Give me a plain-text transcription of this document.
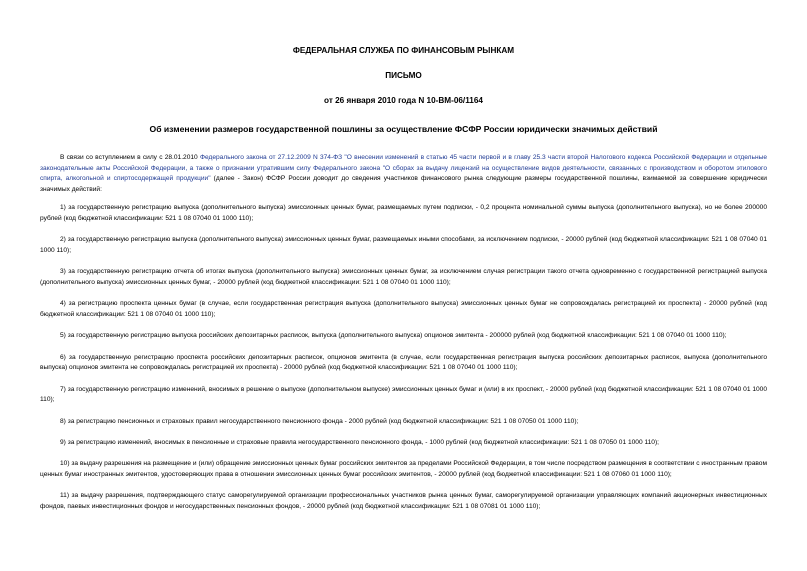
ФЕДЕРАЛЬНАЯ СЛУЖБА ПО ФИНАНСОВЫМ РЫНКАМ
ПИСЬМО
от 26 января 2010 года N 10-ВМ-06/1164
Об изменении размеров государственной пошлины за осуществление ФСФР России юридически значимых действий

В связи со вступлением в силу с 28.01.2010 Федерального закона от 27.12.2009 N 374-ФЗ "О внесении изменений в статью 45 части первой и в главу 25.3 части второй Налогового кодекса Российской Федерации и отдельные законодательные акты Российской Федерации, а также о признании утратившим силу Федерального закона "О сборах за выдачу лицензий на осуществление видов деятельности, связанных с производством и оборотом этилового спирта, алкогольной и спиртосодержащей продукции" (далее - Закон) ФСФР России доводит до сведения участников финансового рынка следующие размеры государственной пошлины, взимаемой за совершение юридически значимых действий:

1) за государственную регистрацию выпуска (дополнительного выпуска) эмиссионных ценных бумаг, размещаемых путем подписки, - 0,2 процента номинальной суммы выпуска (дополнительного выпуска), но не более 200000 рублей (код бюджетной классификации: 521 1 08 07040 01 1000 110);

2) за государственную регистрацию выпуска (дополнительного выпуска) эмиссионных ценных бумаг, размещаемых иными способами, за исключением подписки, - 20000 рублей (код бюджетной классификации: 521 1 08 07040 01 1000 110);

3) за государственную регистрацию отчета об итогах выпуска (дополнительного выпуска) эмиссионных ценных бумаг, за исключением случая регистрации такого отчета одновременно с государственной регистрацией выпуска (дополнительного выпуска) эмиссионных ценных бумаг, - 20000 рублей (код бюджетной классификации: 521 1 08 07040 01 1000 110);

4) за регистрацию проспекта ценных бумаг (в случае, если государственная регистрация выпуска (дополнительного выпуска) эмиссионных ценных бумаг не сопровождалась регистрацией их проспекта) - 20000 рублей (код бюджетной классификации: 521 1 08 07040 01 1000 110);

5) за государственную регистрацию выпуска российских депозитарных расписок, выпуска (дополнительного выпуска) опционов эмитента - 200000 рублей (код бюджетной классификации: 521 1 08 07040 01 1000 110);

6) за государственную регистрацию проспекта российских депозитарных расписок, опционов эмитента (в случае, если государственная регистрация выпуска российских депозитарных расписок, выпуска (дополнительного выпуска) опционов эмитента не сопровождалась регистрацией их проспекта) - 20000 рублей (код бюджетной классификации: 521 1 08 07040 01 1000 110);

7) за государственную регистрацию изменений, вносимых в решение о выпуске (дополнительном выпуске) эмиссионных ценных бумаг и (или) в их проспект, - 20000 рублей (код бюджетной классификации: 521 1 08 07040 01 1000 110);

8) за регистрацию пенсионных и страховых правил негосударственного пенсионного фонда - 2000 рублей (код бюджетной классификации: 521 1 08 07050 01 1000 110);

9) за регистрацию изменений, вносимых в пенсионные и страховые правила негосударственного пенсионного фонда, - 1000 рублей (код бюджетной классификации: 521 1 08 07050 01 1000 110);

10) за выдачу разрешения на размещение и (или) обращение эмиссионных ценных бумаг российских эмитентов за пределами Российской Федерации, в том числе посредством размещения в соответствии с иностранным правом ценных бумаг иностранных эмитентов, удостоверяющих права в отношении эмиссионных ценных бумаг российских эмитентов, - 20000 рублей (код бюджетной классификации: 521 1 08 07060 01 1000 110);

11) за выдачу разрешения, подтверждающего статус саморегулируемой организации профессиональных участников рынка ценных бумаг, саморегулируемой организации управляющих компаний акционерных инвестиционных фондов, паевых инвестиционных фондов и негосударственных пенсионных фондов, - 20000 рублей (код бюджетной классификации: 521 1 08 07081 01 1000 110);
